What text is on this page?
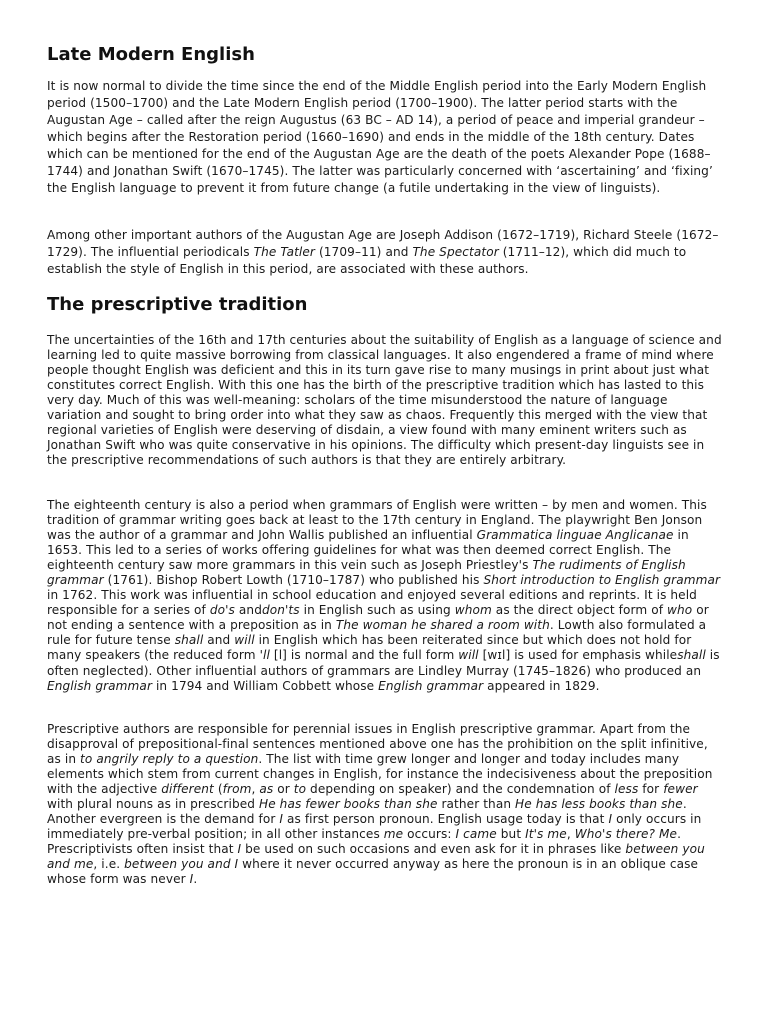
Late Modern English

It is now normal to divide the time since the end of the Middle English period into the Early Modern English period (1500–1700) and the Late Modern English period (1700–1900). The latter period starts with the Augustan Age – called after the reign Augustus (63 BC – AD 14), a period of peace and imperial grandeur – which begins after the Restoration period (1660–1690) and ends in the middle of the 18th century. Dates which can be mentioned for the end of the Augustan Age are the death of the poets Alexander Pope (1688–1744) and Jonathan Swift (1670–1745). The latter was particularly concerned with ‘ascertaining’ and ‘fixing’ the English language to prevent it from future change (a futile undertaking in the view of linguists).

Among other important authors of the Augustan Age are Joseph Addison (1672–1719), Richard Steele (1672–1729). The influential periodicals The Tatler (1709–11) and The Spectator (1711–12), which did much to establish the style of English in this period, are associated with these authors.

The prescriptive tradition

The uncertainties of the 16th and 17th centuries about the suitability of English as a language of science and learning led to quite massive borrowing from classical languages. It also engendered a frame of mind where people thought English was deficient and this in its turn gave rise to many musings in print about just what constitutes correct English. With this one has the birth of the prescriptive tradition which has lasted to this very day. Much of this was well-meaning: scholars of the time misunderstood the nature of language variation and sought to bring order into what they saw as chaos. Frequently this merged with the view that regional varieties of English were deserving of disdain, a view found with many eminent writers such as Jonathan Swift who was quite conservative in his opinions. The difficulty which present-day linguists see in the prescriptive recommendations of such authors is that they are entirely arbitrary.

The eighteenth century is also a period when grammars of English were written – by men and women. This tradition of grammar writing goes back at least to the 17th century in England. The playwright Ben Jonson was the author of a grammar and John Wallis published an influential Grammatica linguae Anglicanae in 1653. This led to a series of works offering guidelines for what was then deemed correct English. The eighteenth century saw more grammars in this vein such as Joseph Priestley's The rudiments of English grammar (1761). Bishop Robert Lowth (1710–1787) who published his Short introduction to English grammar in 1762. This work was influential in school education and enjoyed several editions and reprints. It is held responsible for a series of do's anddon'ts in English such as using whom as the direct object form of who or not ending a sentence with a preposition as in The woman he shared a room with. Lowth also formulated a rule for future tense shall and will in English which has been reiterated since but which does not hold for many speakers (the reduced form 'll [l] is normal and the full form will [wɪl] is used for emphasis whileshall is often neglected). Other influential authors of grammars are Lindley Murray (1745–1826) who produced an English grammar in 1794 and William Cobbett whose English grammar appeared in 1829.

Prescriptive authors are responsible for perennial issues in English prescriptive grammar. Apart from the disapproval of prepositional-final sentences mentioned above one has the prohibition on the split infinitive, as in to angrily reply to a question. The list with time grew longer and longer and today includes many elements which stem from current changes in English, for instance the indecisiveness about the preposition with the adjective different (from, as or to depending on speaker) and the condemnation of less for fewer with plural nouns as in prescribed He has fewer books than she rather than He has less books than she. Another evergreen is the demand for I as first person pronoun. English usage today is that I only occurs in immediately pre-verbal position; in all other instances me occurs: I came but It's me, Who's there? Me. Prescriptivists often insist that I be used on such occasions and even ask for it in phrases like between you and me, i.e. between you and I where it never occurred anyway as here the pronoun is in an oblique case whose form was never I.
